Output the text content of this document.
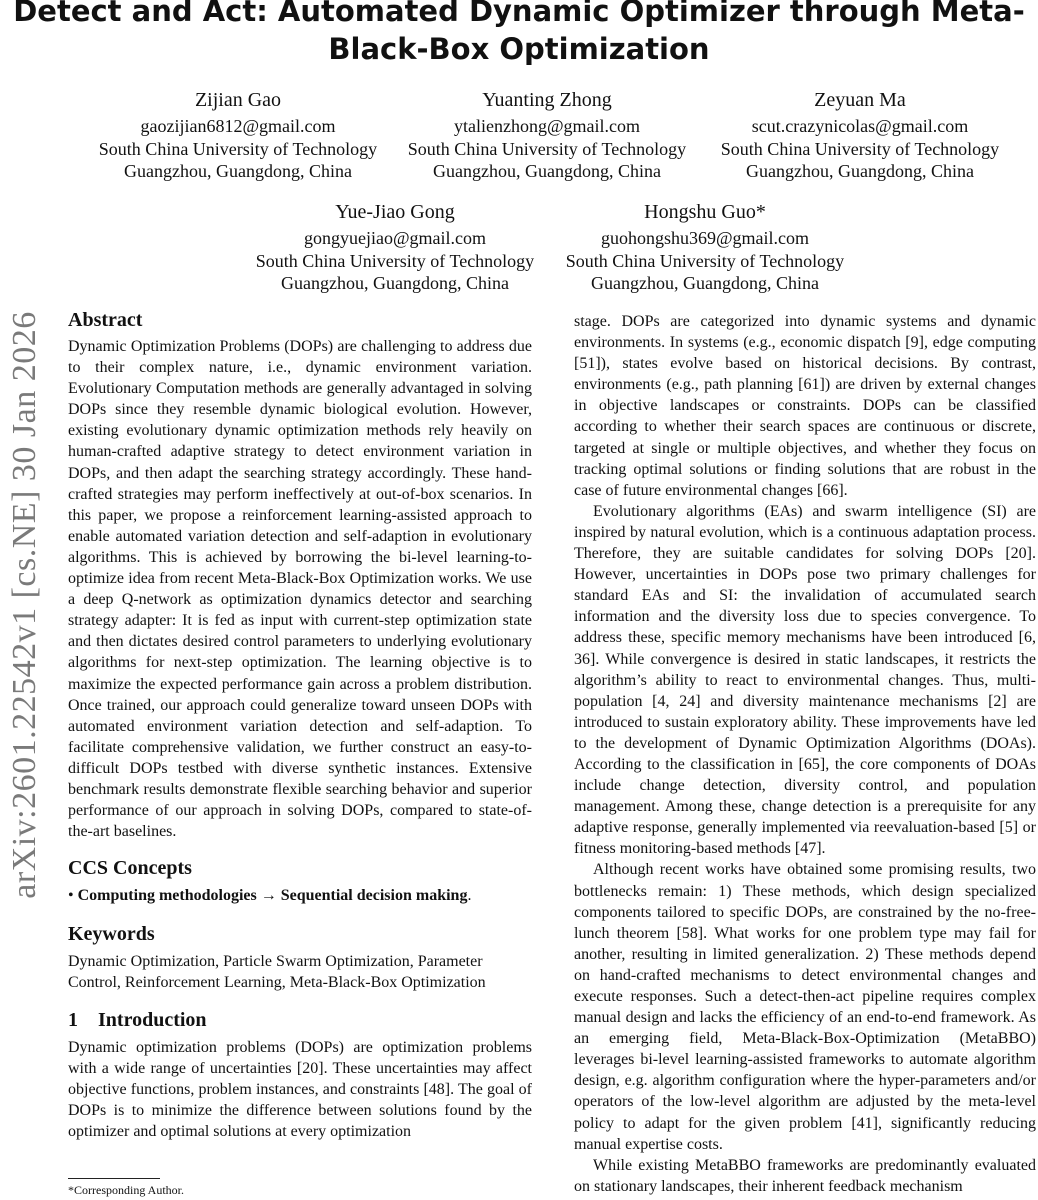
Detect and Act: Automated Dynamic Optimizer through Meta-Black-Box Optimization
arXiv:2601.22542v1 [cs.NE] 30 Jan 2026
Zijian Gao
gaozijian6812@gmail.com
South China University of Technology
Guangzhou, Guangdong, China
Yuanting Zhong
ytalienzhong@gmail.com
South China University of Technology
Guangzhou, Guangdong, China
Zeyuan Ma
scut.crazynicolas@gmail.com
South China University of Technology
Guangzhou, Guangdong, China
Yue-Jiao Gong
gongyuejiao@gmail.com
South China University of Technology
Guangzhou, Guangdong, China
Hongshu Guo*
guohongshu369@gmail.com
South China University of Technology
Guangzhou, Guangdong, China
Abstract

Dynamic Optimization Problems (DOPs) are challenging to address due to their complex nature, i.e., dynamic environment variation. Evolutionary Computation methods are generally advantaged in solving DOPs since they resemble dynamic biological evolution. However, existing evolutionary dynamic optimization methods rely heavily on human-crafted adaptive strategy to detect environment variation in DOPs, and then adapt the searching strategy accordingly. These hand-crafted strategies may perform ineffectively at out-of-box scenarios. In this paper, we propose a reinforcement learning-assisted approach to enable automated variation detection and self-adaption in evolutionary algorithms. This is achieved by borrowing the bi-level learning-to-optimize idea from recent Meta-Black-Box Optimization works. We use a deep Q-network as optimization dynamics detector and searching strategy adapter: It is fed as input with current-step optimization state and then dictates desired control parameters to underlying evolutionary algorithms for next-step optimization. The learning objective is to maximize the expected performance gain across a problem distribution. Once trained, our approach could generalize toward unseen DOPs with automated environment variation detection and self-adaption. To facilitate comprehensive validation, we further construct an easy-to-difficult DOPs testbed with diverse synthetic instances. Extensive benchmark results demonstrate flexible searching behavior and superior performance of our approach in solving DOPs, compared to state-of-the-art baselines.

CCS Concepts

• Computing methodologies → Sequential decision making.

Keywords

Dynamic Optimization, Particle Swarm Optimization, Parameter Control, Reinforcement Learning, Meta-Black-Box Optimization

1    Introduction

Dynamic optimization problems (DOPs) are optimization problems with a wide range of uncertainties [20]. These uncertainties may affect objective functions, problem instances, and constraints [48]. The goal of DOPs is to minimize the difference between solutions found by the optimizer and optimal solutions at every optimization

stage. DOPs are categorized into dynamic systems and dynamic environments. In systems (e.g., economic dispatch [9], edge computing [51]), states evolve based on historical decisions. By contrast, environments (e.g., path planning [61]) are driven by external changes in objective landscapes or constraints. DOPs can be classified according to whether their search spaces are continuous or discrete, targeted at single or multiple objectives, and whether they focus on tracking optimal solutions or finding solutions that are robust in the case of future environmental changes [66].

Evolutionary algorithms (EAs) and swarm intelligence (SI) are inspired by natural evolution, which is a continuous adaptation process. Therefore, they are suitable candidates for solving DOPs [20]. However, uncertainties in DOPs pose two primary challenges for standard EAs and SI: the invalidation of accumulated search information and the diversity loss due to species convergence. To address these, specific memory mechanisms have been introduced [6, 36]. While convergence is desired in static landscapes, it restricts the algorithm’s ability to react to environmental changes. Thus, multi-population [4, 24] and diversity maintenance mechanisms [2] are introduced to sustain exploratory ability. These improvements have led to the development of Dynamic Optimization Algorithms (DOAs). According to the classification in [65], the core components of DOAs include change detection, diversity control, and population management. Among these, change detection is a prerequisite for any adaptive response, generally implemented via reevaluation-based [5] or fitness monitoring-based methods [47].

Although recent works have obtained some promising results, two bottlenecks remain: 1) These methods, which design specialized components tailored to specific DOPs, are constrained by the no-free-lunch theorem [58]. What works for one problem type may fail for another, resulting in limited generalization. 2) These methods depend on hand-crafted mechanisms to detect environmental changes and execute responses. Such a detect-then-act pipeline requires complex manual design and lacks the efficiency of an end-to-end framework. As an emerging field, Meta-Black-Box-Optimization (MetaBBO) leverages bi-level learning-assisted frameworks to automate algorithm design, e.g. algorithm configuration where the hyper-parameters and/or operators of the low-level algorithm are adjusted by the meta-level policy to adapt for the given problem [41], significantly reducing manual expertise costs.

While existing MetaBBO frameworks are predominantly evaluated on stationary landscapes, their inherent feedback mechanism

*Corresponding Author.
